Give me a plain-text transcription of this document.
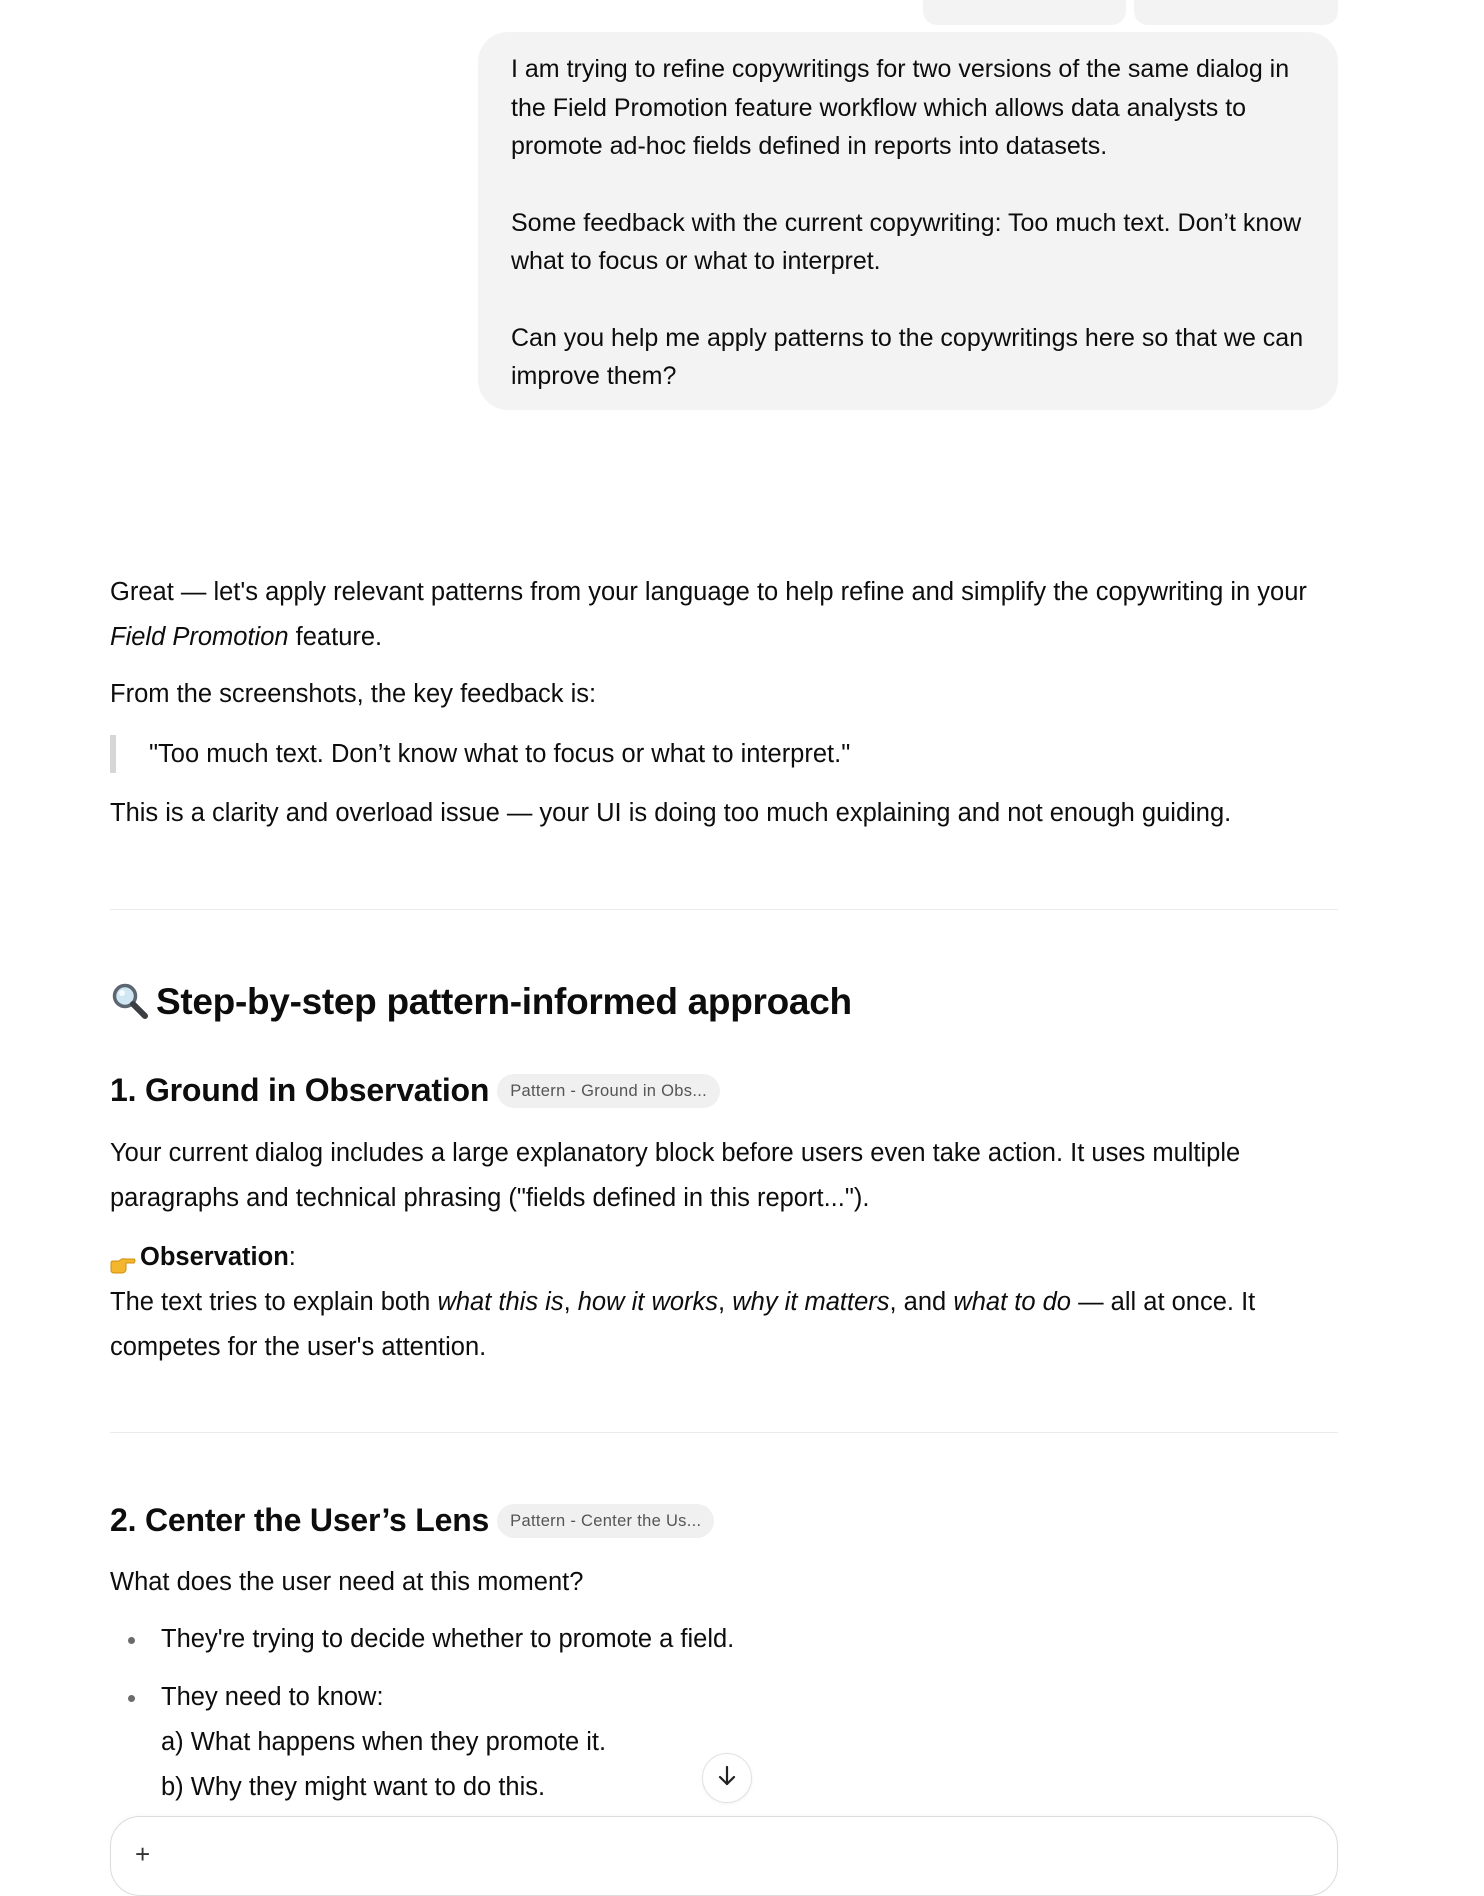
I am trying to refine copywritings for two versions of the same dialog in the Field Promotion feature workflow which allows data analysts to promote ad-hoc fields defined in reports into datasets.

Some feedback with the current copywriting: Too much text. Don’t know what to focus or what to interpret.

Can you help me apply patterns to the copywritings here so that we can improve them?

Great — let's apply relevant patterns from your language to help refine and simplify the copywriting in your Field Promotion feature.

From the screenshots, the key feedback is:

"Too much text. Don’t know what to focus or what to interpret."

This is a clarity and overload issue — your UI is doing too much explaining and not enough guiding.

Step-by-step pattern-informed approach
1. Ground in Observation Pattern - Ground in Obs...

Your current dialog includes a large explanatory block before users even take action. It uses multiple paragraphs and technical phrasing ("fields defined in this report...").

Observation:

The text tries to explain both what this is, how it works, why it matters, and what to do — all at once. It competes for the user's attention.

2. Center the User’s Lens Pattern - Center the Us...

What does the user need at this moment?

They're trying to decide whether to promote a field.
They need to know:
a) What happens when they promote it.
b) Why they might want to do this.
+
